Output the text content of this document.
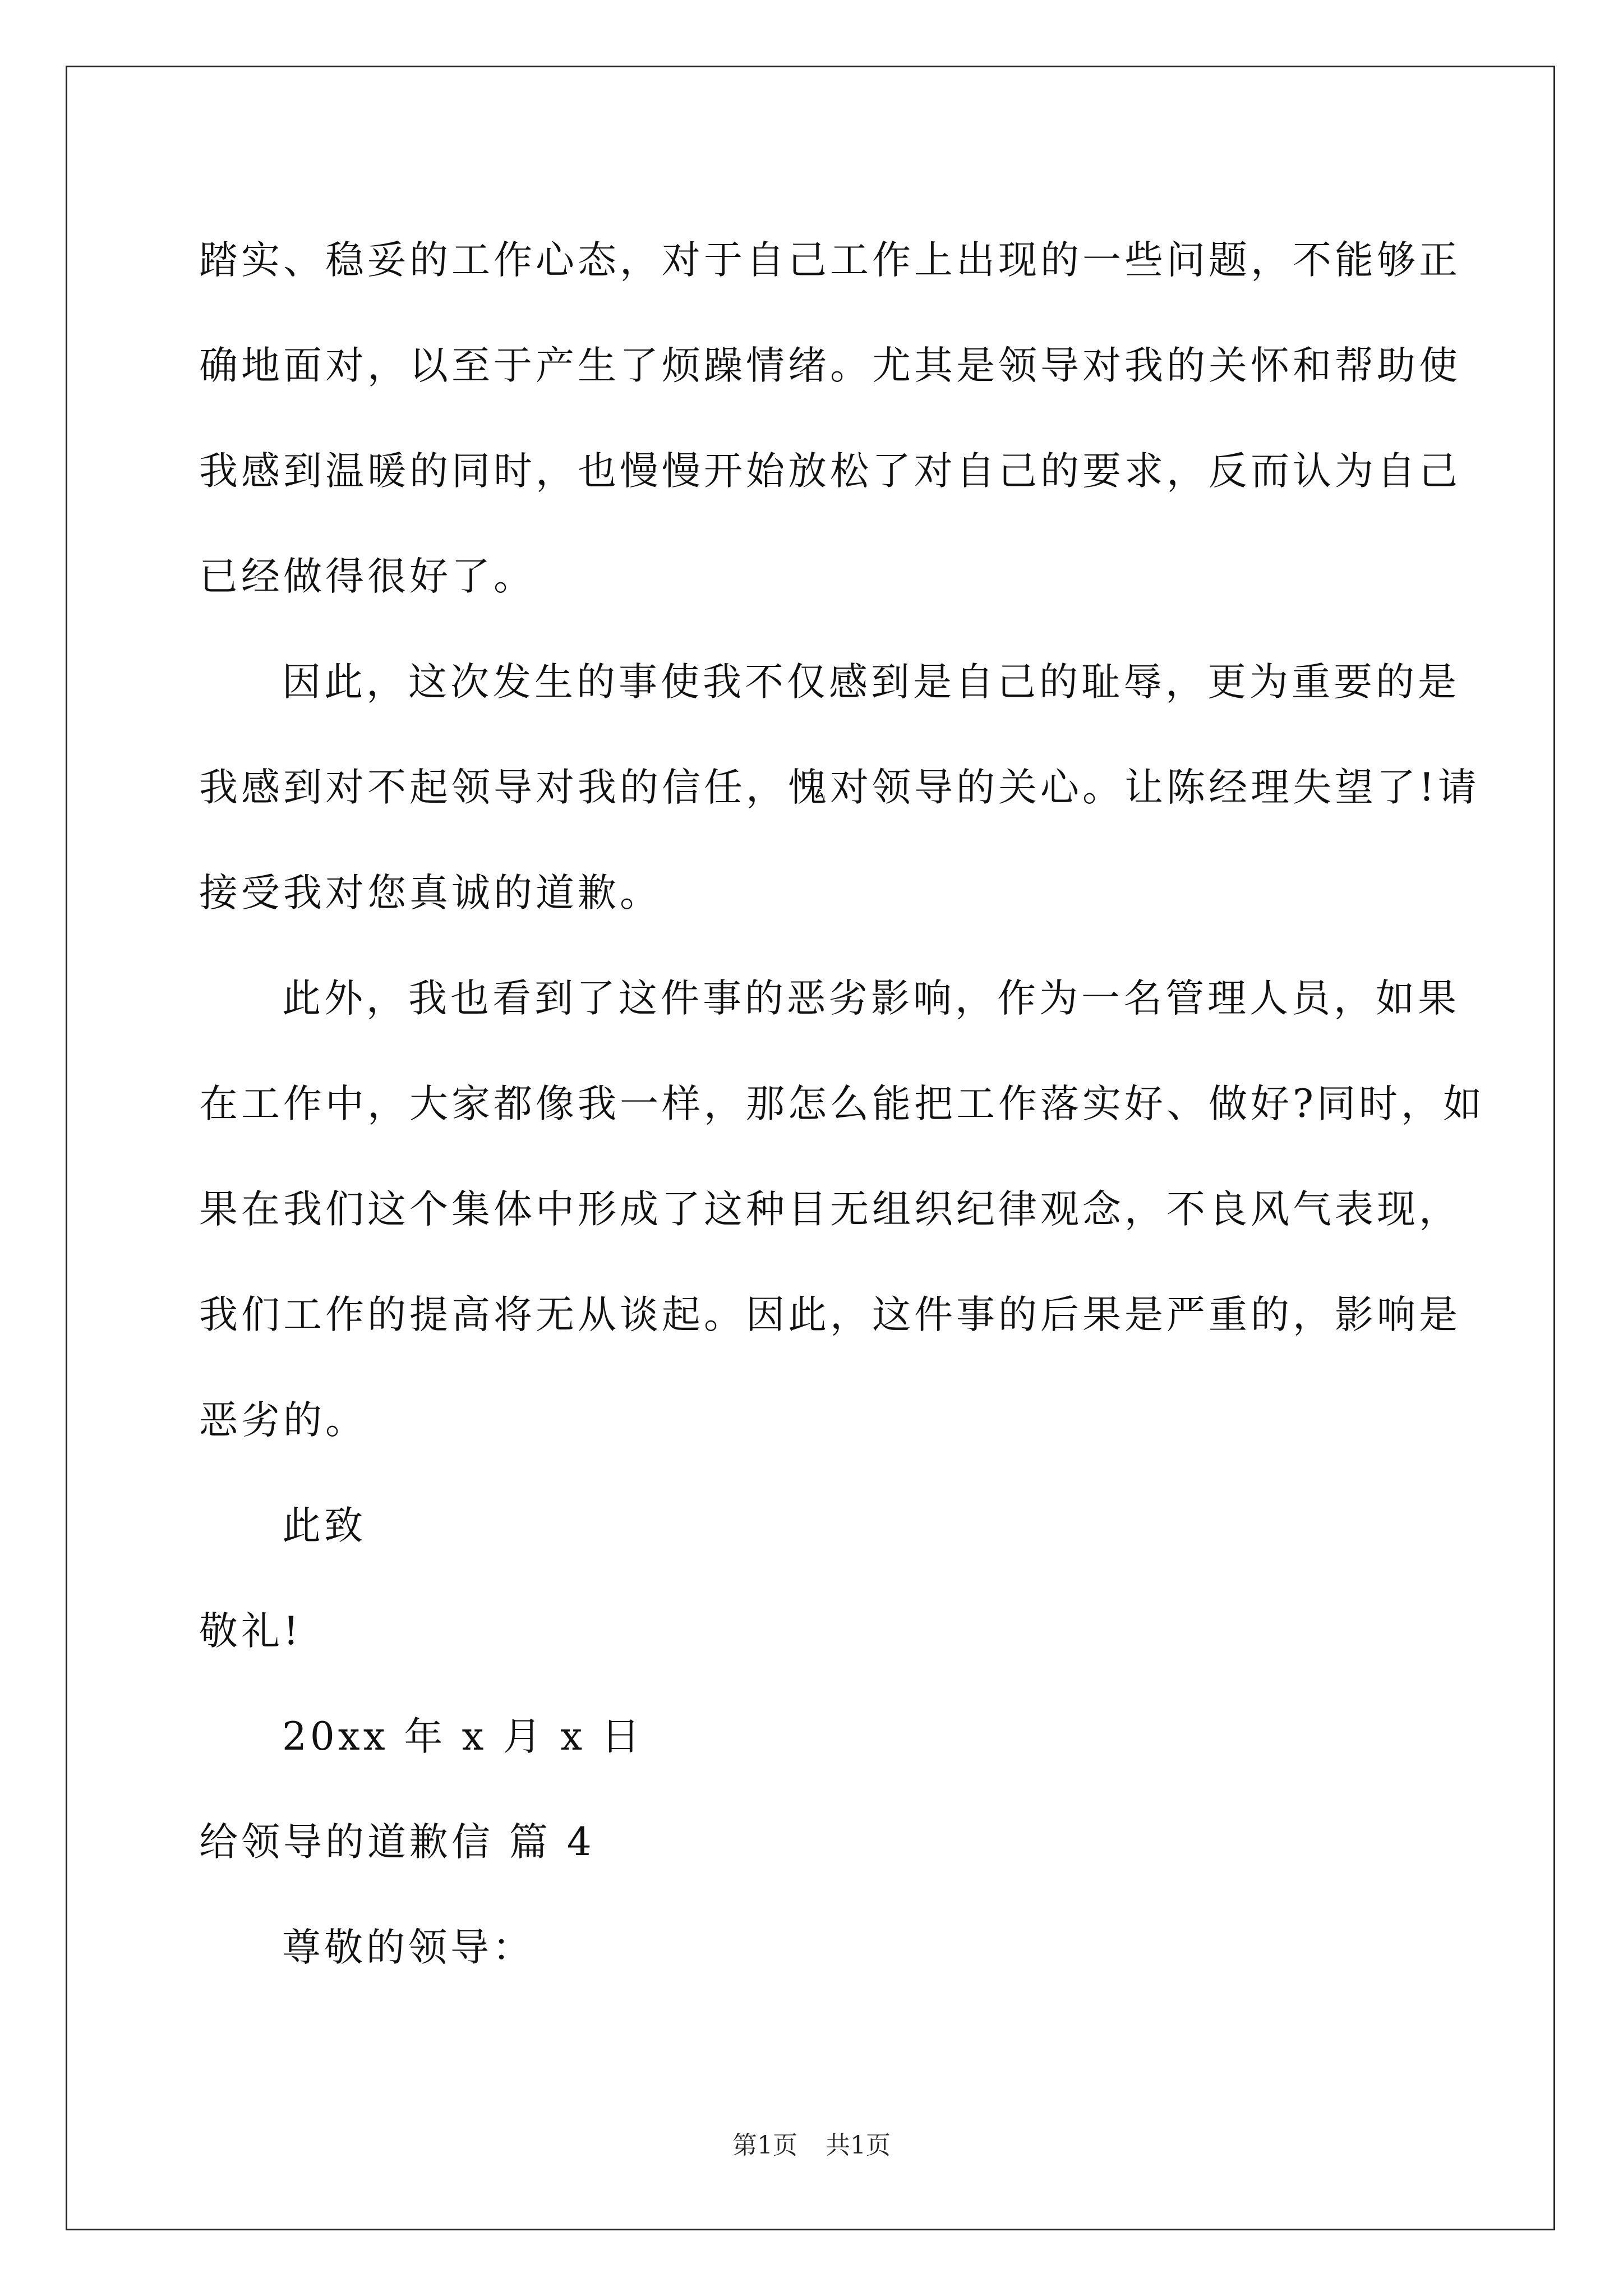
踏实、稳妥的工作心态，对于自己工作上出现的一些问题，不能够正
确地面对，以至于产生了烦躁情绪。尤其是领导对我的关怀和帮助使
我感到温暖的同时，也慢慢开始放松了对自己的要求，反而认为自己
已经做得很好了。
因此，这次发生的事使我不仅感到是自己的耻辱，更为重要的是
我感到对不起领导对我的信任，愧对领导的关心。让陈经理失望了!请
接受我对您真诚的道歉。
此外，我也看到了这件事的恶劣影响，作为一名管理人员，如果
在工作中，大家都像我一样，那怎么能把工作落实好、做好?同时，如
果在我们这个集体中形成了这种目无组织纪律观念，不良风气表现，
我们工作的提高将无从谈起。因此，这件事的后果是严重的，影响是
恶劣的。
此致
敬礼!
20xx 年 x 月 x 日
给领导的道歉信 篇 4
尊敬的领导：
第1页 共1页
